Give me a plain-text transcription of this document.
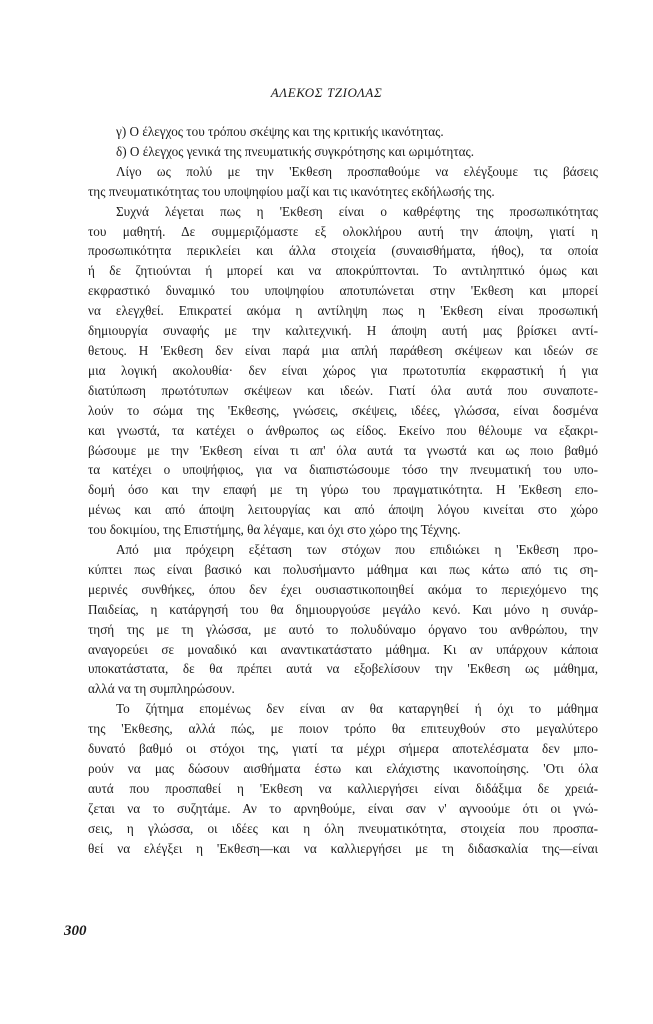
ΑΛΕΚΟΣ ΤΖΙΟΛΑΣ
γ) Ο έλεγχος του τρόπου σκέψης και της κριτικής ικανότητας.
δ) Ο έλεγχος γενικά της πνευματικής συγκρότησης και ωριμότητας.
Λίγο ως πολύ με την 'Εκθεση προσπαθούμε να ελέγξουμε τις βάσεις
της πνευματικότητας του υποψηφίου μαζί και τις ικανότητες εκδήλωσής της.
Συχνά λέγεται πως η 'Εκθεση είναι ο καθρέφτης της προσωπικότητας
του μαθητή. Δε συμμεριζόμαστε εξ ολοκλήρου αυτή την άποψη, γιατί η
προσωπικότητα περικλείει και άλλα στοιχεία (συναισθήματα, ήθος), τα οποία
ή δε ζητιούνται ή μπορεί και να αποκρύπτονται. Το αντιληπτικό όμως και
εκφραστικό δυναμικό του υποψηφίου αποτυπώνεται στην 'Εκθεση και μπορεί
να ελεγχθεί. Επικρατεί ακόμα η αντίληψη πως η 'Εκθεση είναι προσωπική
δημιουργία συναφής με την καλιτεχνική. Η άποψη αυτή μας βρίσκει αντί-
θετους. Η 'Εκθεση δεν είναι παρά μια απλή παράθεση σκέψεων και ιδεών σε
μια λογική ακολουθία· δεν είναι χώρος για πρωτοτυπία εκφραστική ή για
διατύπωση πρωτότυπων σκέψεων και ιδεών. Γιατί όλα αυτά που συναποτε-
λούν το σώμα της 'Εκθεσης, γνώσεις, σκέψεις, ιδέες, γλώσσα, είναι δοσμένα
και γνωστά, τα κατέχει ο άνθρωπος ως είδος. Εκείνο που θέλουμε να εξακρι-
βώσουμε με την 'Εκθεση είναι τι απ' όλα αυτά τα γνωστά και ως ποιο βαθμό
τα κατέχει ο υποψήφιος, για να διαπιστώσουμε τόσο την πνευματική του υπο-
δομή όσο και την επαφή με τη γύρω του πραγματικότητα. Η 'Εκθεση επο-
μένως και από άποψη λειτουργίας και από άποψη λόγου κινείται στο χώρο
του δοκιμίου, της Επιστήμης, θα λέγαμε, και όχι στο χώρο της Τέχνης.
Από μια πρόχειρη εξέταση των στόχων που επιδιώκει η 'Εκθεση προ-
κύπτει πως είναι βασικό και πολυσήμαντο μάθημα και πως κάτω από τις ση-
μερινές συνθήκες, όπου δεν έχει ουσιαστικοποιηθεί ακόμα το περιεχόμενο της
Παιδείας, η κατάργησή του θα δημιουργούσε μεγάλο κενό. Και μόνο η συνάρ-
τησή της με τη γλώσσα, με αυτό το πολυδύναμο όργανο του ανθρώπου, την
αναγορεύει σε μοναδικό και αναντικατάστατο μάθημα. Κι αν υπάρχουν κάποια
υποκατάστατα, δε θα πρέπει αυτά να εξοβελίσουν την 'Εκθεση ως μάθημα,
αλλά να τη συμπληρώσουν.
Το ζήτημα επομένως δεν είναι αν θα καταργηθεί ή όχι το μάθημα
της 'Εκθεσης, αλλά πώς, με ποιον τρόπο θα επιτευχθούν στο μεγαλύτερο
δυνατό βαθμό οι στόχοι της, γιατί τα μέχρι σήμερα αποτελέσματα δεν μπο-
ρούν να μας δώσουν αισθήματα έστω και ελάχιστης ικανοποίησης. 'Οτι όλα
αυτά που προσπαθεί η 'Εκθεση να καλλιεργήσει είναι διδάξιμα δε χρειά-
ζεται να το συζητάμε. Αν το αρνηθούμε, είναι σαν ν' αγνοούμε ότι οι γνώ-
σεις, η γλώσσα, οι ιδέες και η όλη πνευματικότητα, στοιχεία που προσπα-
θεί να ελέγξει η 'Εκθεση—και να καλλιεργήσει με τη διδασκαλία της—είναι
300
